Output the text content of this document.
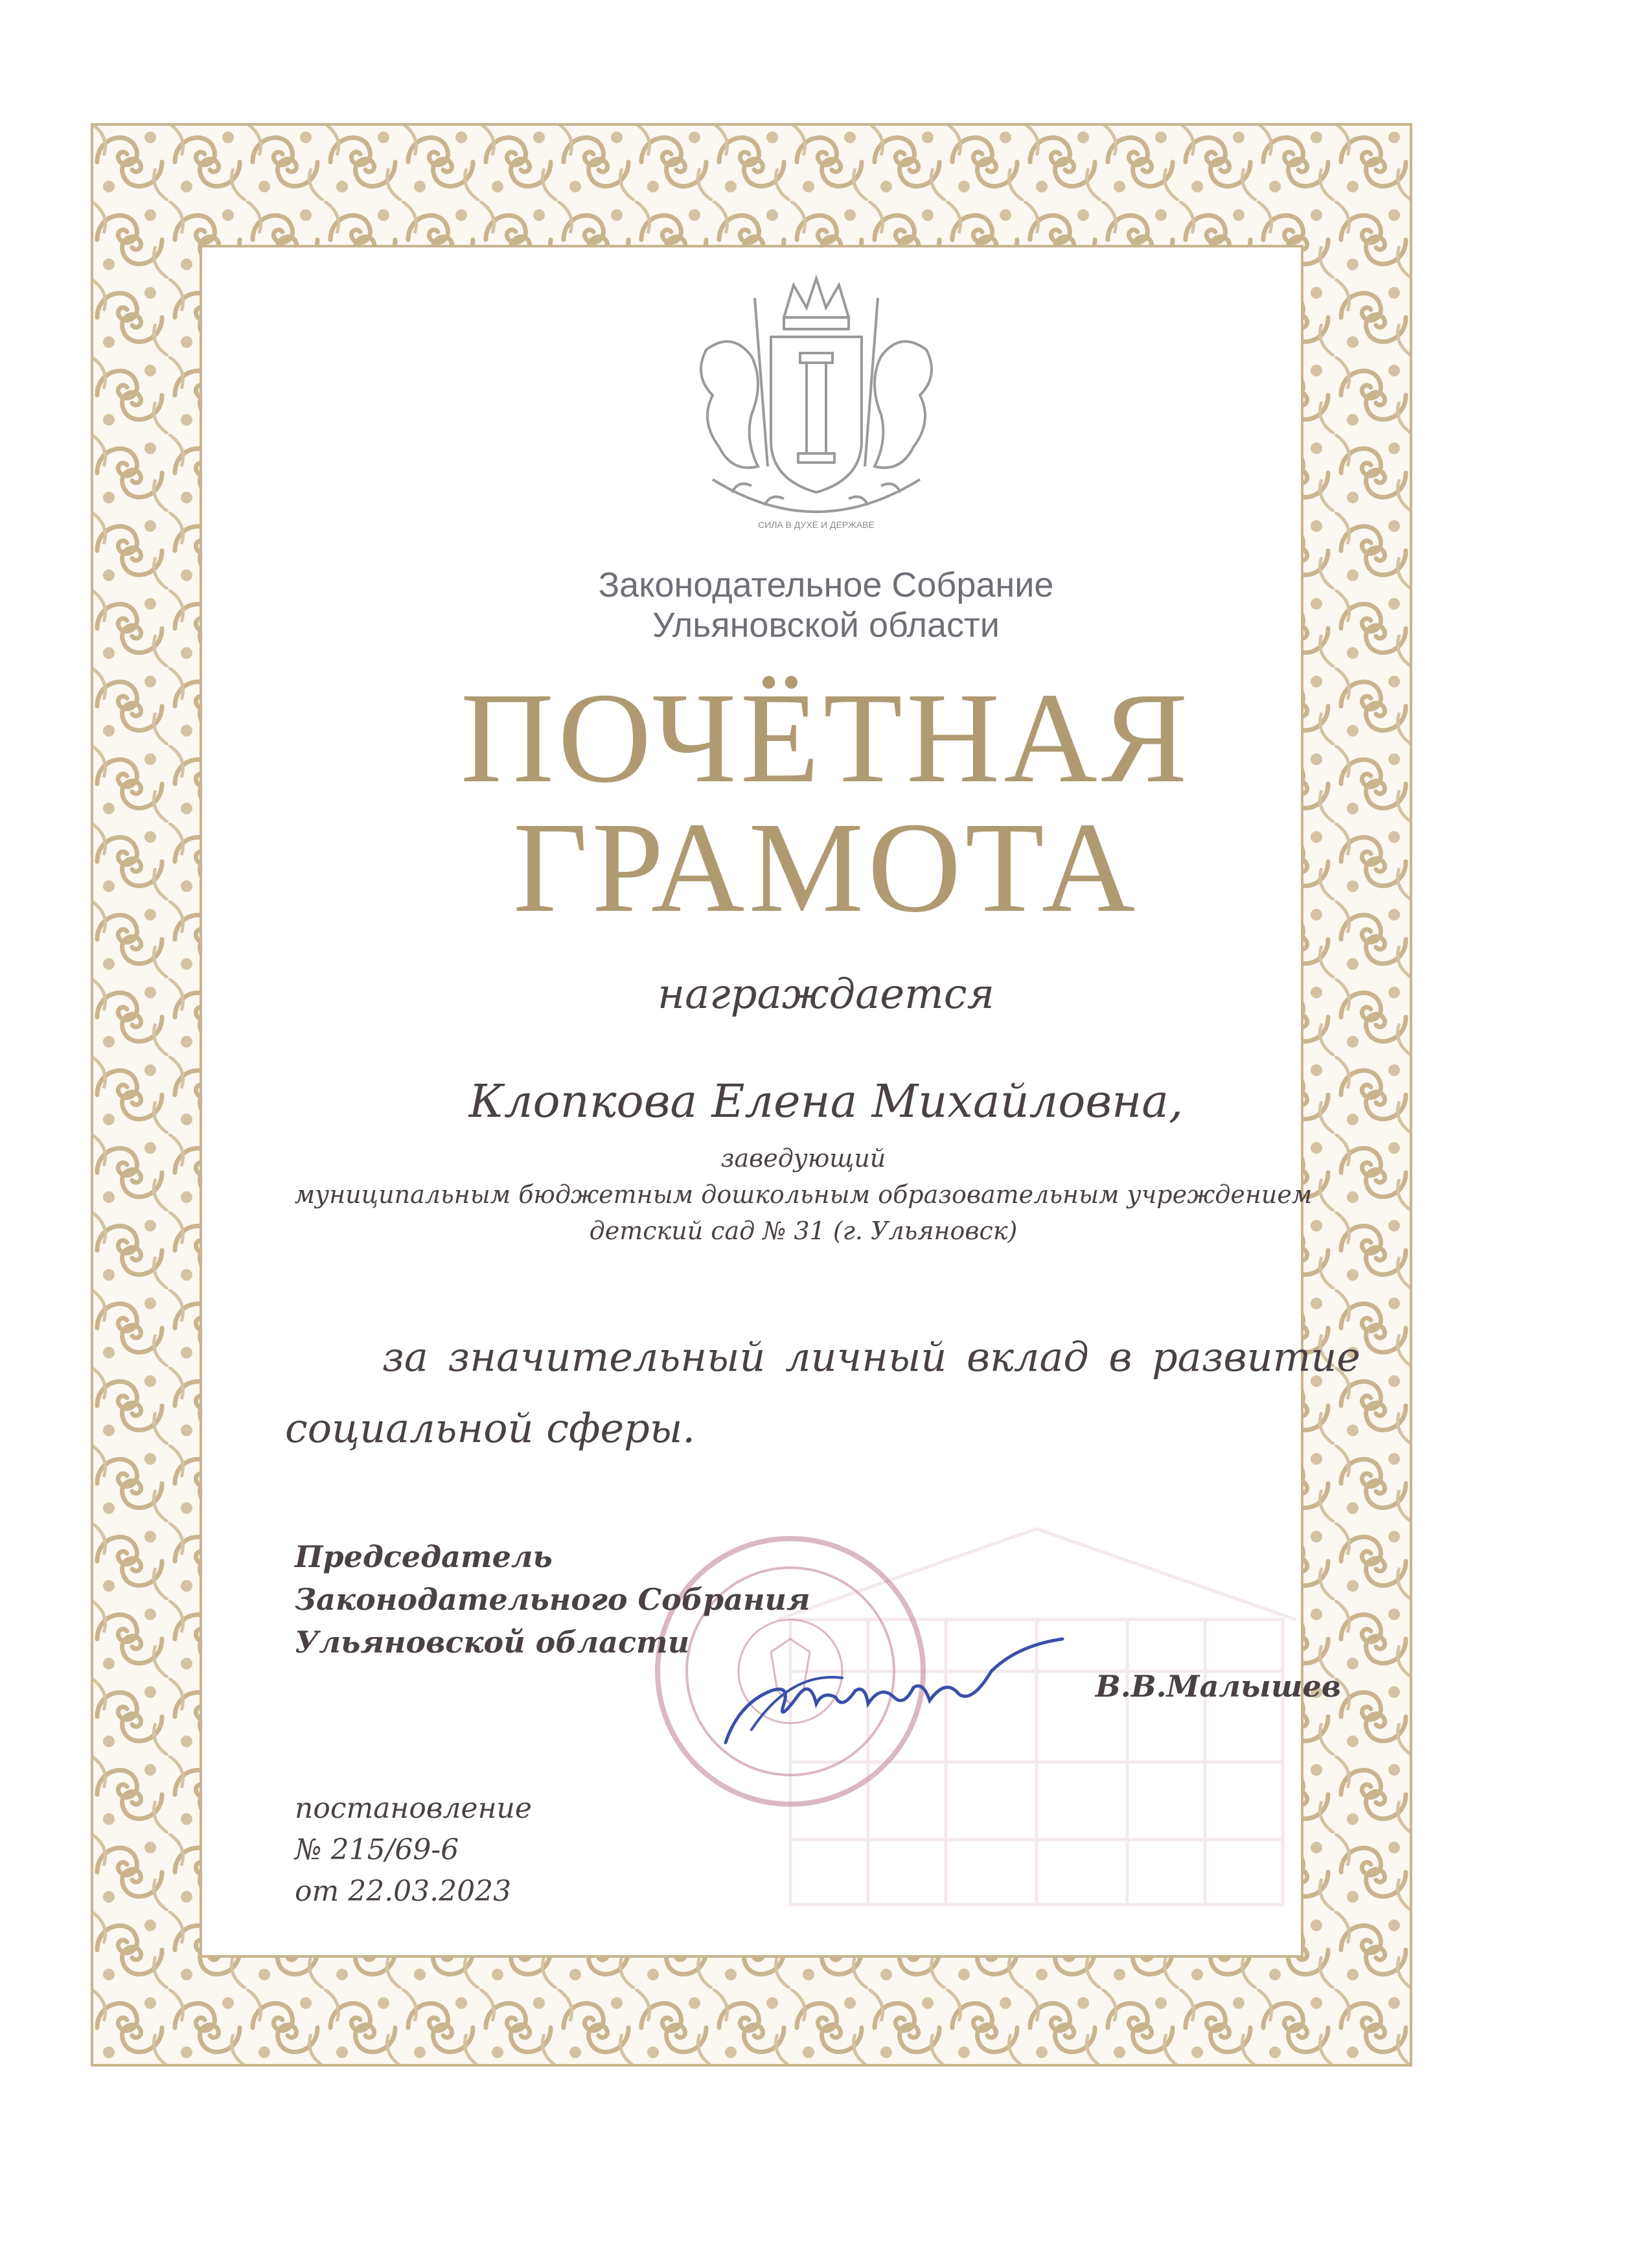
СИЛА В ДУХЕ И ДЕРЖАВЕ
Законодательное Собрание
Ульяновской области
ПОЧЁТНАЯ
ГРАМОТА
награждается
Клопкова Елена Михайловна,
заведующий
муниципальным бюджетным дошкольным образовательным учреждением
детский сад № 31 (г. Ульяновск)
за значительный личный вклад в развитие
социальной сферы.
Председатель
Законодательного Собрания
Ульяновской области
В.В.Малышев
постановление
№ 215/69-6
от 22.03.2023
